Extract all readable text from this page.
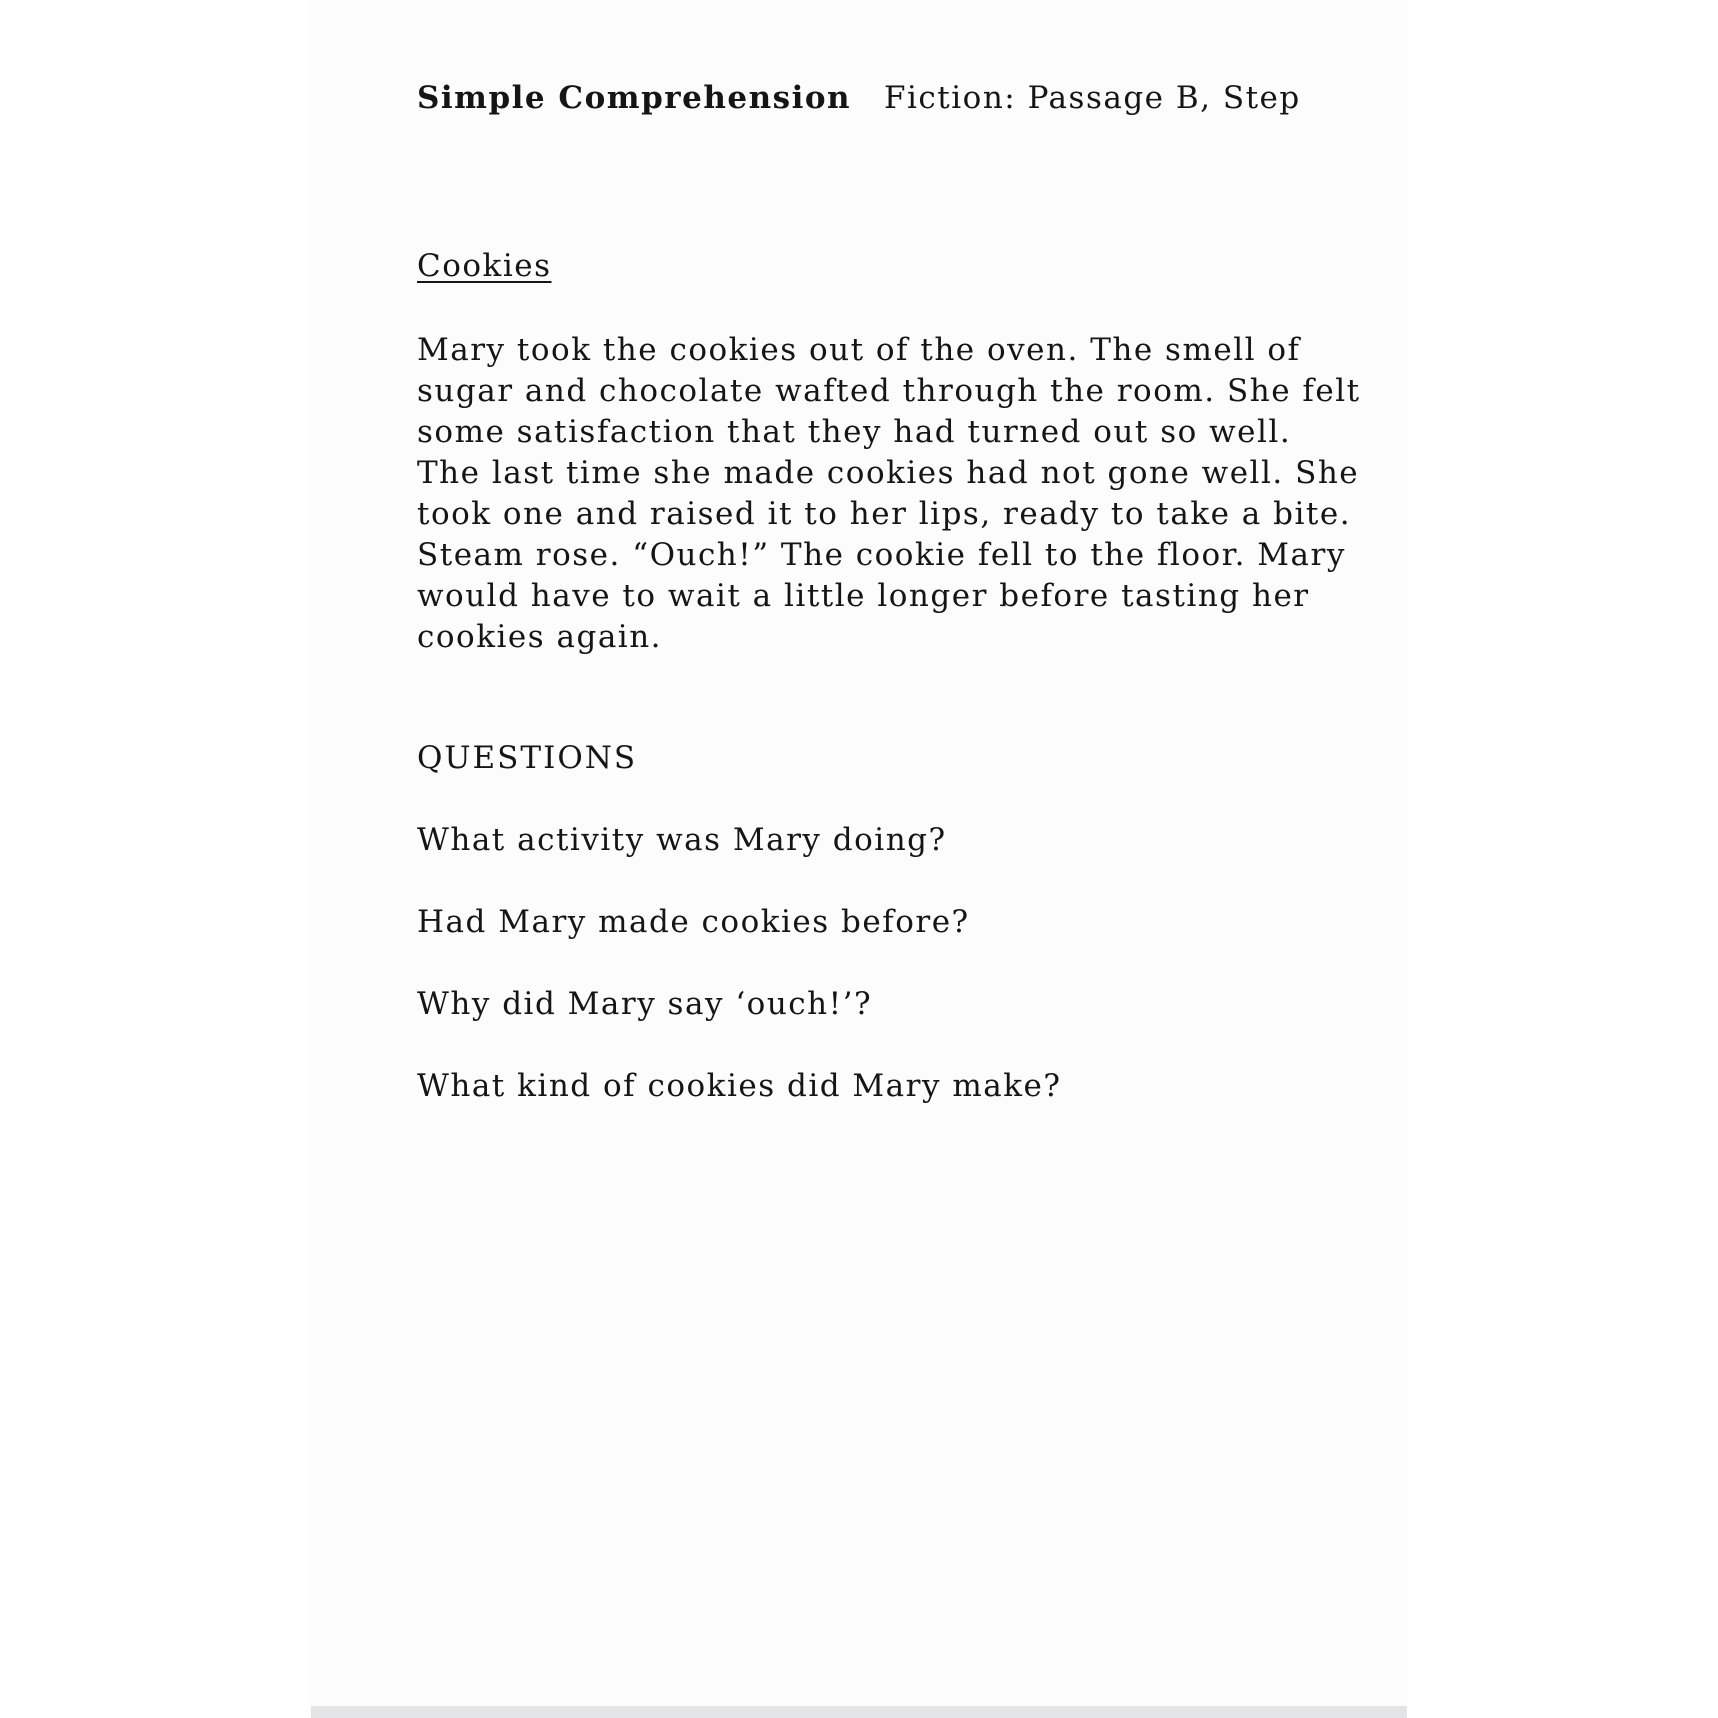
Simple Comprehension Fiction: Passage B, Step
Cookies
Mary took the cookies out of the oven. The smell of
sugar and chocolate wafted through the room. She felt
some satisfaction that they had turned out so well.
The last time she made cookies had not gone well. She
took one and raised it to her lips, ready to take a bite.
Steam rose. “Ouch!” The cookie fell to the floor. Mary
would have to wait a little longer before tasting her
cookies again.
QUESTIONS
What activity was Mary doing?
Had Mary made cookies before?
Why did Mary say ‘ouch!’?
What kind of cookies did Mary make?
